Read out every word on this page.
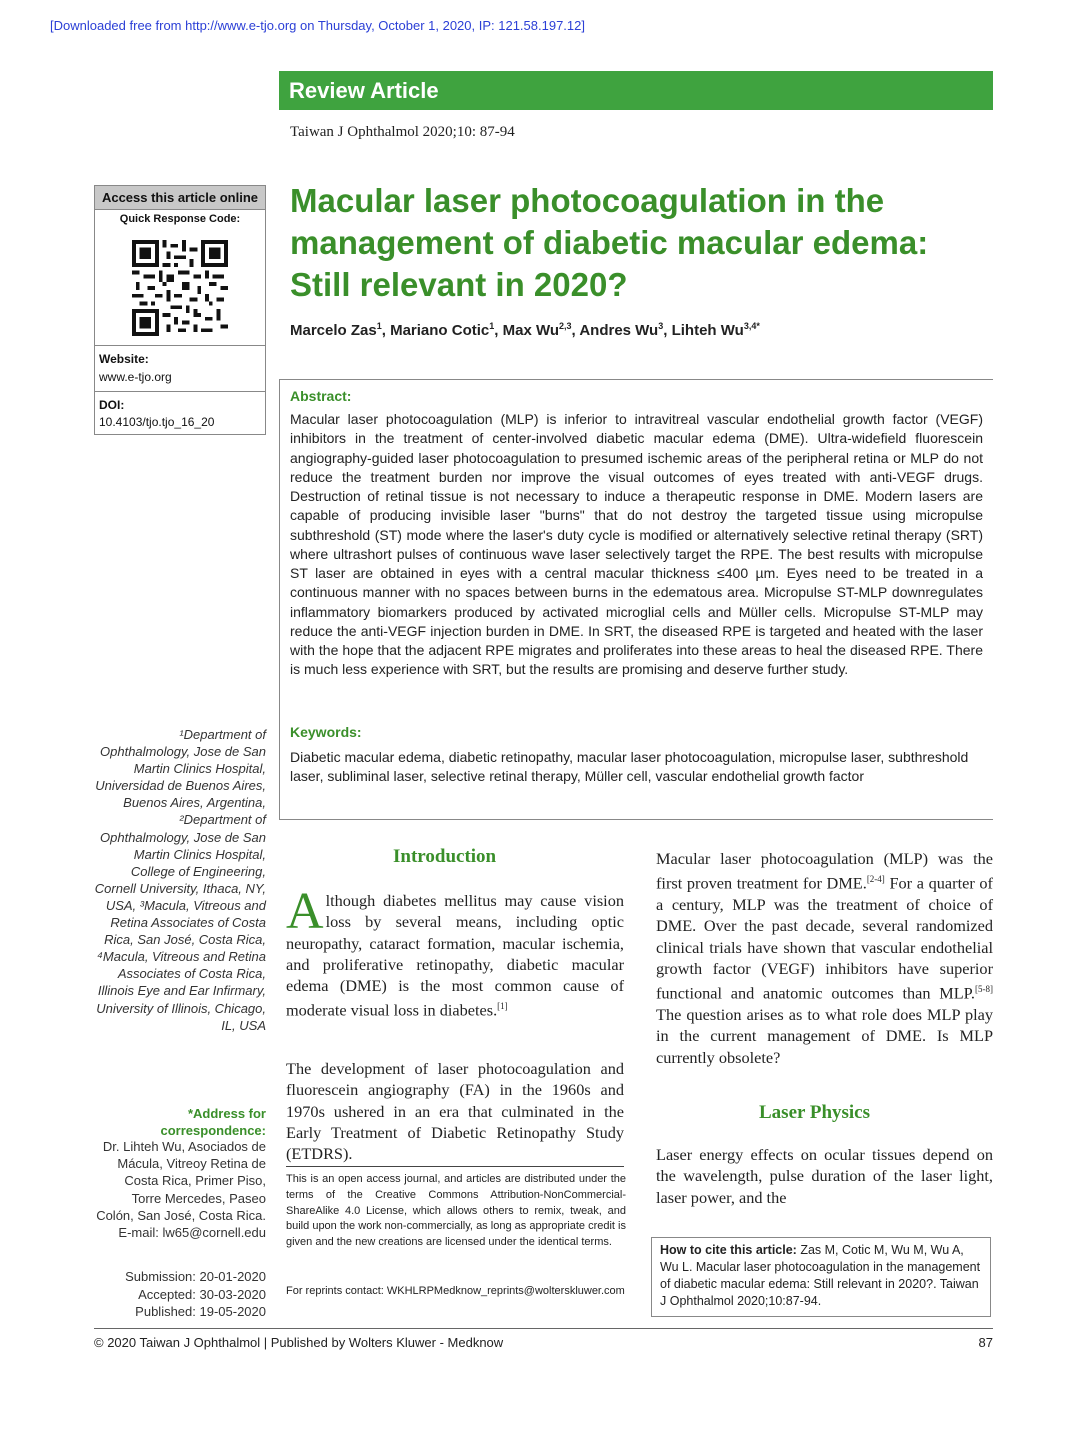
[Downloaded free from http://www.e-tjo.org on Thursday, October 1, 2020, IP: 121.58.197.12]
Review Article
Taiwan J Ophthalmol 2020;10: 87-94
Access this article online
Quick Response Code:
Website:
www.e-tjo.org
DOI:
10.4103/tjo.tjo_16_20
¹Department of Ophthalmology, Jose de San Martin Clinics Hospital, Universidad de Buenos Aires, Buenos Aires, Argentina, ²Department of Ophthalmology, Jose de San Martin Clinics Hospital, College of Engineering, Cornell University, Ithaca, NY, USA, ³Macula, Vitreous and Retina Associates of Costa Rica, San José, Costa Rica, ⁴Macula, Vitreous and Retina Associates of Costa Rica, Illinois Eye and Ear Infirmary, University of Illinois, Chicago, IL, USA
*Address for correspondence:
Dr. Lihteh Wu, Asociados de Mácula, Vitreoy Retina de Costa Rica, Primer Piso, Torre Mercedes, Paseo Colón, San José, Costa Rica. E-mail: lw65@cornell.edu
Submission: 20-01-2020
Accepted: 30-03-2020
Published: 19-05-2020
Macular laser photocoagulation in the management of diabetic macular edema: Still relevant in 2020?
Marcelo Zas$^1$, Mariano Cotic$^1$, Max Wu$^{2,3}$, Andres Wu$^3$, Lihteh $Wu^{3,4*}$
Abstract:
Macular laser photocoagulation (MLP) is inferior to intravitreal vascular endothelial growth factor (VEGF) inhibitors in the treatment of center-involved diabetic macular edema (DME). Ultra-widefield fluorescein angiography-guided laser photocoagulation to presumed ischemic areas of the peripheral retina or MLP do not reduce the treatment burden nor improve the visual outcomes of eyes treated with anti-VEGF drugs. Destruction of retinal tissue is not necessary to induce a therapeutic response in DME. Modern lasers are capable of producing invisible laser "burns" that do not destroy the targeted tissue using micropulse subthreshold (ST) mode where the laser's duty cycle is modified or alternatively selective retinal therapy (SRT) where ultrashort pulses of continuous wave laser selectively target the RPE. The best results with micropulse ST laser are obtained in eyes with a central macular thickness ≤400 µm. Eyes need to be treated in a continuous manner with no spaces between burns in the edematous area. Micropulse ST-MLP downregulates inflammatory biomarkers produced by activated microglial cells and Müller cells. Micropulse ST-MLP may reduce the anti-VEGF injection burden in DME. In SRT, the diseased RPE is targeted and heated with the laser with the hope that the adjacent RPE migrates and proliferates into these areas to heal the diseased RPE. There is much less experience with SRT, but the results are promising and deserve further study.
Keywords:
Diabetic macular edema, diabetic retinopathy, macular laser photocoagulation, micropulse laser, subthreshold laser, subliminal laser, selective retinal therapy, Müller cell, vascular endothelial growth factor
Introduction
Although diabetes mellitus may cause vision loss by several means, including optic neuropathy, cataract formation, macular ischemia, and proliferative retinopathy, diabetic macular edema (DME) is the most common cause of moderate visual loss in diabetes.[1]
The development of laser photocoagulation and fluorescein angiography (FA) in the 1960s and 1970s ushered in an era that culminated in the Early Treatment of Diabetic Retinopathy Study (ETDRS).
This is an open access journal, and articles are distributed under the terms of the Creative Commons Attribution-NonCommercial-ShareAlike 4.0 License, which allows others to remix, tweak, and build upon the work non-commercially, as long as appropriate credit is given and the new creations are licensed under the identical terms.
For reprints contact: WKHLRPMedknow_reprints@wolterskluwer.com
Macular laser photocoagulation (MLP) was the first proven treatment for DME.[2-4] For a quarter of a century, MLP was the treatment of choice of DME. Over the past decade, several randomized clinical trials have shown that vascular endothelial growth factor (VEGF) inhibitors have superior functional and anatomic outcomes than MLP.[5-8] The question arises as to what role does MLP play in the current management of DME. Is MLP currently obsolete?
Laser Physics
Laser energy effects on ocular tissues depend on the wavelength, pulse duration of the laser light, laser power, and the
How to cite this article: Zas M, Cotic M, Wu M, Wu A, Wu L. Macular laser photocoagulation in the management of diabetic macular edema: Still relevant in 2020?. Taiwan J Ophthalmol 2020;10:87-94.
© 2020 Taiwan J Ophthalmol | Published by Wolters Kluwer - Medknow	87
